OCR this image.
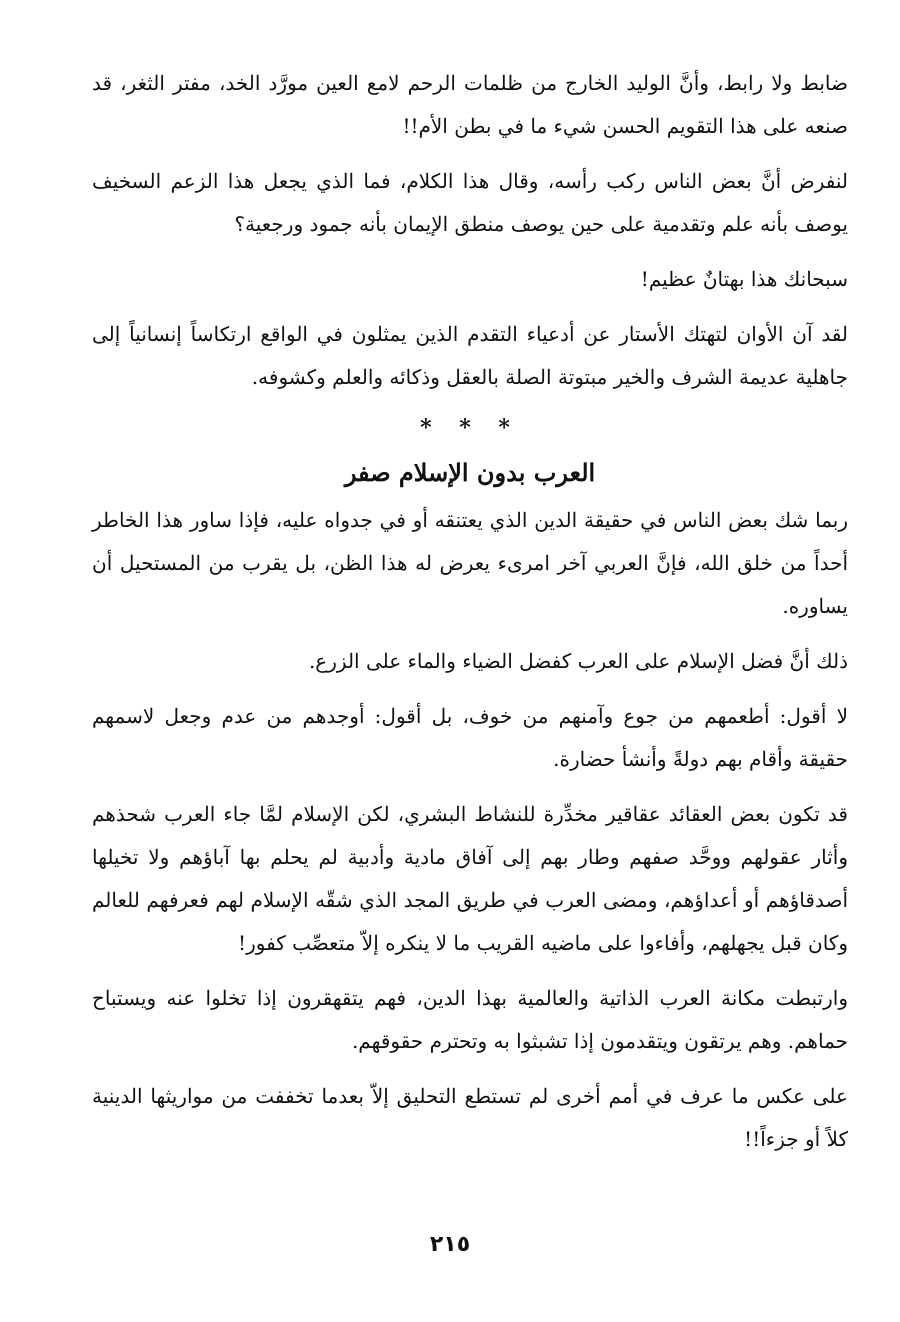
ضابط ولا رابط، وأنَّ الوليد الخارج من ظلمات الرحم لامع العين مورَّد الخد، مفتر الثغر، قد صنعه على هذا التقويم الحسن شيء ما في بطن الأم!!

لنفرض أنَّ بعض الناس ركب رأسه، وقال هذا الكلام، فما الذي يجعل هذا الزعم السخيف يوصف بأنه علم وتقدمية على حين يوصف منطق الإيمان بأنه جمود ورجعية؟

سبحانك هذا بهتانٌ عظيم!

لقد آن الأوان لتهتك الأستار عن أدعياء التقدم الذين يمثلون في الواقع ارتكاساً إنسانياً إلى جاهلية عديمة الشرف والخير مبتوتة الصلة بالعقل وذكائه والعلم وكشوفه.

* * *
العرب بدون الإسلام صفر

ربما شك بعض الناس في حقيقة الدين الذي يعتنقه أو في جدواه عليه، فإذا ساور هذا الخاطر أحداً من خلق الله، فإنَّ العربي آخر امرىء يعرض له هذا الظن، بل يقرب من المستحيل أن يساوره.

ذلك أنَّ فضل الإسلام على العرب كفضل الضياء والماء على الزرع.

لا أقول: أطعمهم من جوع وآمنهم من خوف، بل أقول: أوجدهم من عدم وجعل لاسمهم حقيقة وأقام بهم دولةً وأنشأ حضارة.

قد تكون بعض العقائد عقاقير مخدِّرة للنشاط البشري، لكن الإسلام لمَّا جاء العرب شحذهم وأثار عقولهم ووحَّد صفهم وطار بهم إلى آفاق مادية وأدبية لم يحلم بها آباؤهم ولا تخيلها أصدقاؤهم أو أعداؤهم، ومضى العرب في طريق المجد الذي شقّه الإسلام لهم فعرفهم للعالم وكان قبل يجهلهم، وأفاءوا على ماضيه القريب ما لا ينكره إلاّ متعصِّب كفور!

وارتبطت مكانة العرب الذاتية والعالمية بهذا الدين، فهم يتقهقرون إذا تخلوا عنه ويستباح حماهم. وهم يرتقون ويتقدمون إذا تشبثوا به وتحترم حقوقهم.

على عكس ما عرف في أمم أخرى لم تستطع التحليق إلاّ بعدما تخففت من مواريثها الدينية كلاً أو جزءاً!!

٢١٥
